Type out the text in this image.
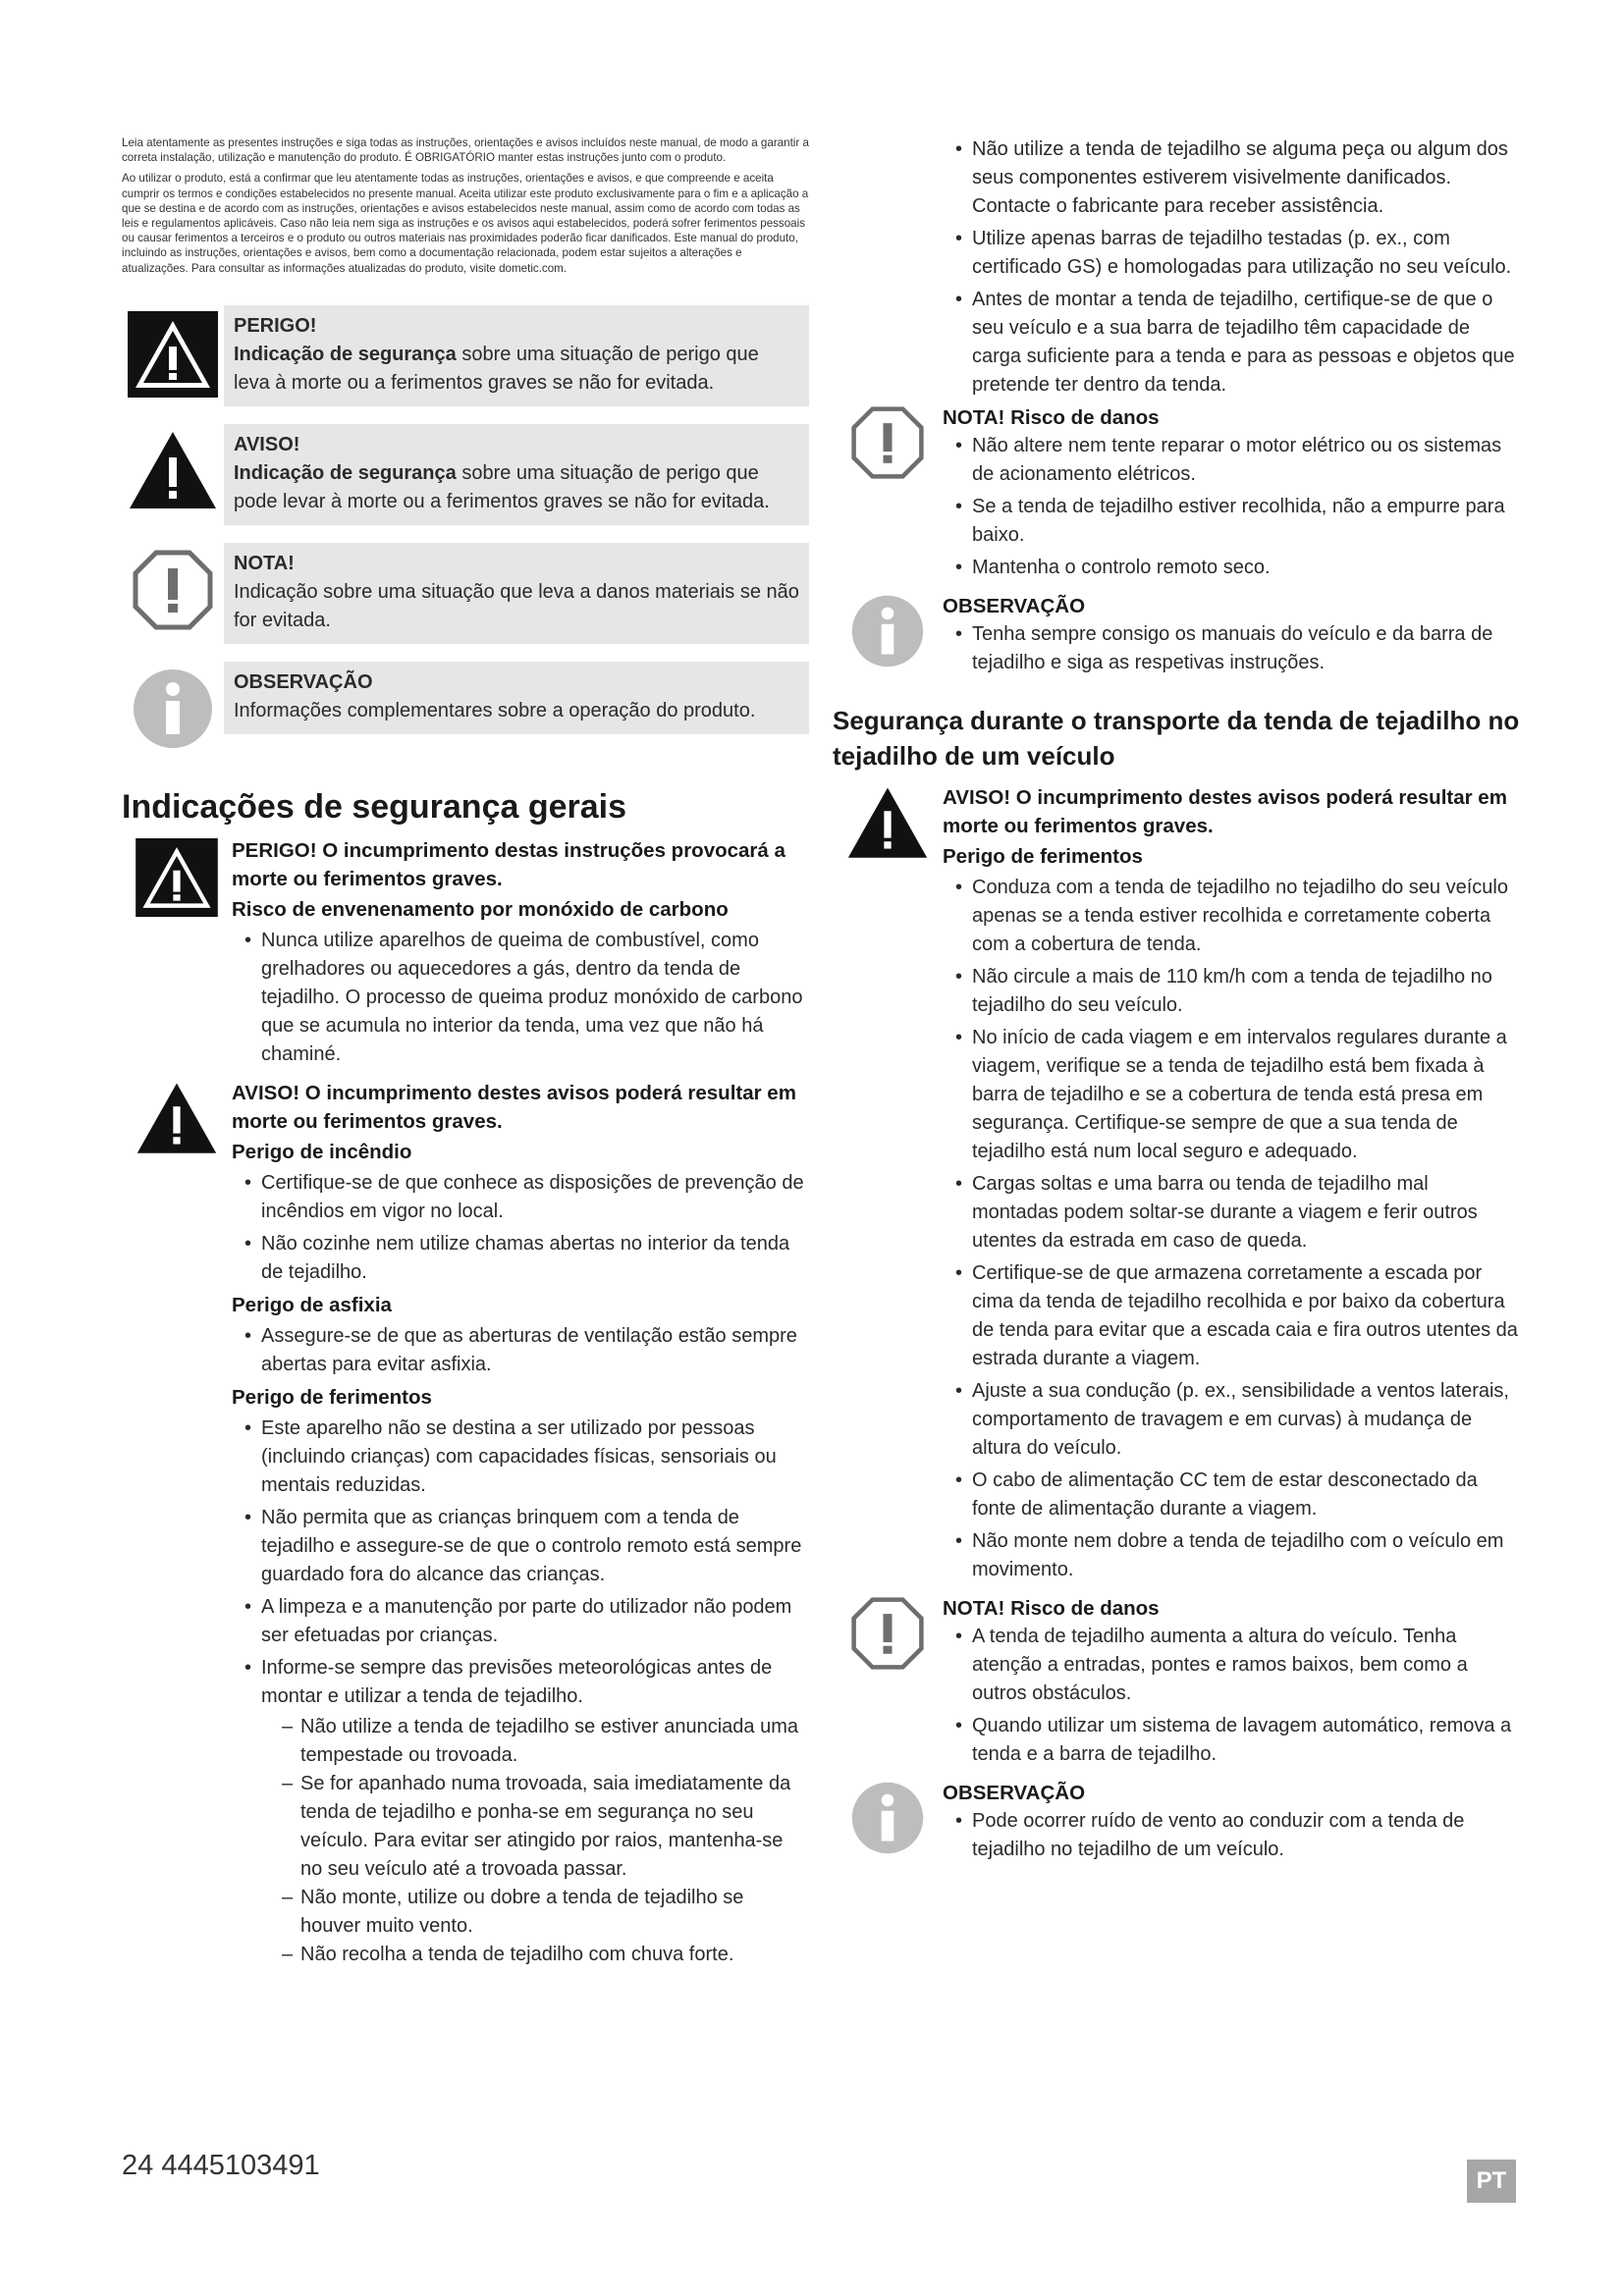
Leia atentamente as presentes instruções e siga todas as instruções, orientações e avisos incluídos neste manual, de modo a garantir a correta instalação, utilização e manutenção do produto. É OBRIGATÓRIO manter estas instruções junto com o produto.

Ao utilizar o produto, está a confirmar que leu atentamente todas as instruções, orientações e avisos, e que compreende e aceita cumprir os termos e condições estabelecidos no presente manual. Aceita utilizar este produto exclusivamente para o fim e a aplicação a que se destina e de acordo com as instruções, orientações e avisos estabelecidos neste manual, assim como de acordo com todas as leis e regulamentos aplicáveis. Caso não leia nem siga as instruções e os avisos aqui estabelecidos, poderá sofrer ferimentos pessoais ou causar ferimentos a terceiros e o produto ou outros materiais nas proximidades poderão ficar danificados. Este manual do produto, incluindo as instruções, orientações e avisos, bem como a documentação relacionada, podem estar sujeitos a alterações e atualizações. Para consultar as informações atualizadas do produto, visite dometic.com.

PERIGO!
Indicação de segurança sobre uma situação de perigo que leva à morte ou a ferimentos graves se não for evitada.
AVISO!
Indicação de segurança sobre uma situação de perigo que pode levar à morte ou a ferimentos graves se não for evitada.
NOTA!
Indicação sobre uma situação que leva a danos materiais se não for evitada.
OBSERVAÇÃO
Informações complementares sobre a operação do produto.
Indicações de segurança gerais

PERIGO! O incumprimento destas instruções provocará a morte ou ferimentos graves.

Risco de envenenamento por monóxido de carbono

• Nunca utilize aparelhos de queima de combustível, como grelhadores ou aquecedores a gás, dentro da tenda de tejadilho. O processo de queima produz monóxido de carbono que se acumula no interior da tenda, uma vez que não há chaminé.

AVISO! O incumprimento destes avisos poderá resultar em morte ou ferimentos graves.

Perigo de incêndio

• Certifique-se de que conhece as disposições de prevenção de incêndios em vigor no local.
• Não cozinhe nem utilize chamas abertas no interior da tenda de tejadilho.

Perigo de asfixia

• Assegure-se de que as aberturas de ventilação estão sempre abertas para evitar asfixia.

Perigo de ferimentos

• Este aparelho não se destina a ser utilizado por pessoas (incluindo crianças) com capacidades físicas, sensoriais ou mentais reduzidas.
• Não permita que as crianças brinquem com a tenda de tejadilho e assegure-se de que o controlo remoto está sempre guardado fora do alcance das crianças.
• A limpeza e a manutenção por parte do utilizador não podem ser efetuadas por crianças.
• Informe-se sempre das previsões meteorológicas antes de montar e utilizar a tenda de tejadilho.
– Não utilize a tenda de tejadilho se estiver anunciada uma tempestade ou trovoada.
– Se for apanhado numa trovoada, saia imediatamente da tenda de tejadilho e ponha-se em segurança no seu veículo. Para evitar ser atingido por raios, mantenha-se no seu veículo até a trovoada passar.
– Não monte, utilize ou dobre a tenda de tejadilho se houver muito vento.
– Não recolha a tenda de tejadilho com chuva forte.
• Não utilize a tenda de tejadilho se alguma peça ou algum dos seus componentes estiverem visivelmente danificados. Contacte o fabricante para receber assistência.
• Utilize apenas barras de tejadilho testadas (p. ex., com certificado GS) e homologadas para utilização no seu veículo.
• Antes de montar a tenda de tejadilho, certifique-se de que o seu veículo e a sua barra de tejadilho têm capacidade de carga suficiente para a tenda e para as pessoas e objetos que pretende ter dentro da tenda.

NOTA! Risco de danos

• Não altere nem tente reparar o motor elétrico ou os sistemas de acionamento elétricos.
• Se a tenda de tejadilho estiver recolhida, não a empurre para baixo.
• Mantenha o controlo remoto seco.

OBSERVAÇÃO

• Tenha sempre consigo os manuais do veículo e da barra de tejadilho e siga as respetivas instruções.
Segurança durante o transporte da tenda de tejadilho no tejadilho de um veículo

AVISO! O incumprimento destes avisos poderá resultar em morte ou ferimentos graves.

Perigo de ferimentos

• Conduza com a tenda de tejadilho no tejadilho do seu veículo apenas se a tenda estiver recolhida e corretamente coberta com a cobertura de tenda.
• Não circule a mais de 110 km/h com a tenda de tejadilho no tejadilho do seu veículo.
• No início de cada viagem e em intervalos regulares durante a viagem, verifique se a tenda de tejadilho está bem fixada à barra de tejadilho e se a cobertura de tenda está presa em segurança. Certifique-se sempre de que a sua tenda de tejadilho está num local seguro e adequado.
• Cargas soltas e uma barra ou tenda de tejadilho mal montadas podem soltar-se durante a viagem e ferir outros utentes da estrada em caso de queda.
• Certifique-se de que armazena corretamente a escada por cima da tenda de tejadilho recolhida e por baixo da cobertura de tenda para evitar que a escada caia e fira outros utentes da estrada durante a viagem.
• Ajuste a sua condução (p. ex., sensibilidade a ventos laterais, comportamento de travagem e em curvas) à mudança de altura do veículo.
• O cabo de alimentação CC tem de estar desconectado da fonte de alimentação durante a viagem.
• Não monte nem dobre a tenda de tejadilho com o veículo em movimento.

NOTA! Risco de danos

• A tenda de tejadilho aumenta a altura do veículo. Tenha atenção a entradas, pontes e ramos baixos, bem como a outros obstáculos.
• Quando utilizar um sistema de lavagem automático, remova a tenda e a barra de tejadilho.

OBSERVAÇÃO

• Pode ocorrer ruído de vento ao conduzir com a tenda de tejadilho no tejadilho de um veículo.
24 4445103491	PT
